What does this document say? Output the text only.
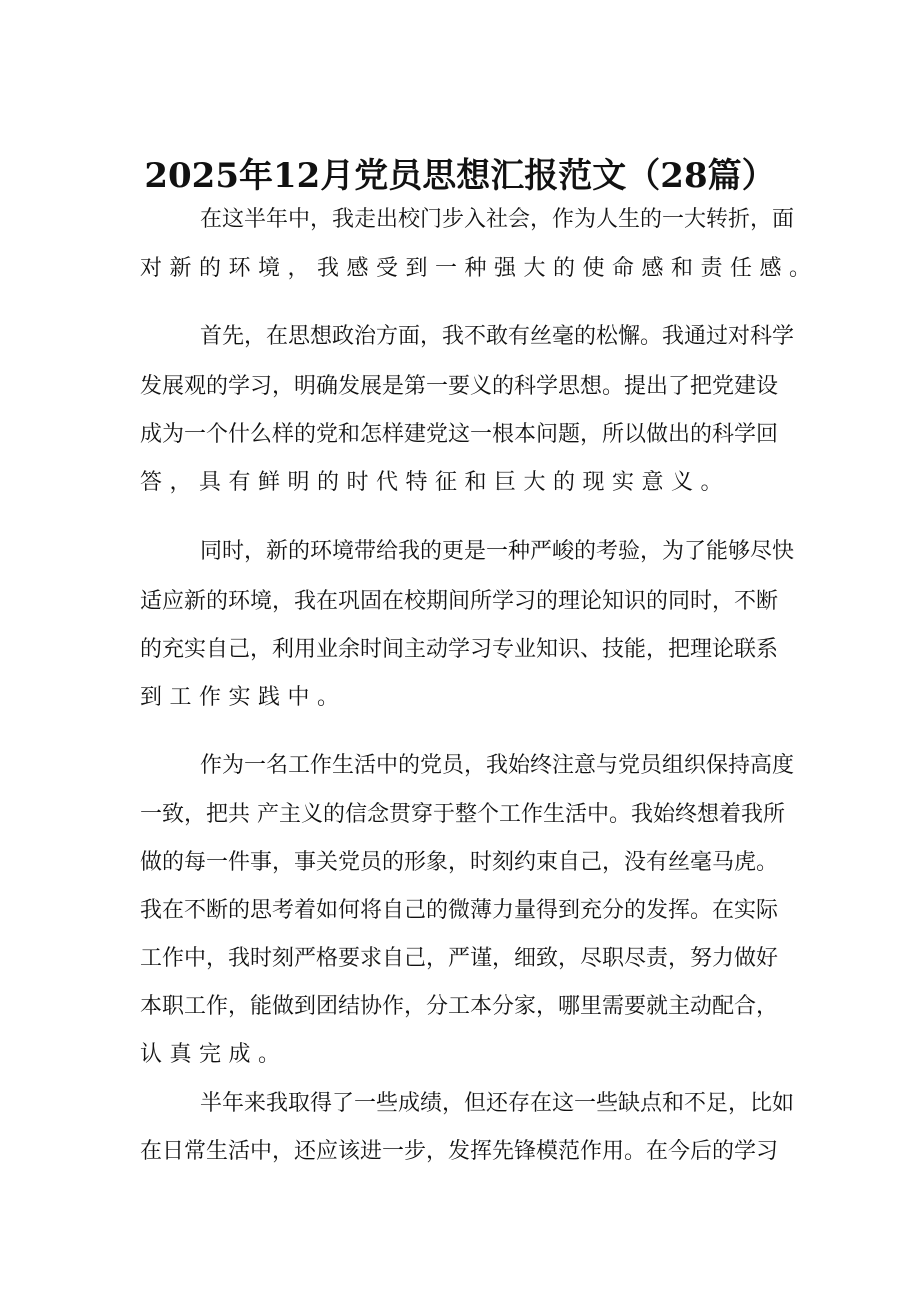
2025年12月党员思想汇报范文（28篇）
在这半年中，我走出校门步入社会，作为人生的一大转折，面
对新的环境，我感受到一种强大的使命感和责任感。
首先，在思想政治方面，我不敢有丝毫的松懈。我通过对科学
发展观的学习，明确发展是第一要义的科学思想。提出了把党建设
成为一个什么样的党和怎样建党这一根本问题，所以做出的科学回
答，具有鲜明的时代特征和巨大的现实意义。
同时，新的环境带给我的更是一种严峻的考验，为了能够尽快
适应新的环境，我在巩固在校期间所学习的理论知识的同时，不断
的充实自己，利用业余时间主动学习专业知识、技能，把理论联系
到工作实践中。
作为一名工作生活中的党员，我始终注意与党员组织保持高度
一致，把共 产主义的信念贯穿于整个工作生活中。我始终想着我所
做的每一件事，事关党员的形象，时刻约束自己，没有丝毫马虎。
我在不断的思考着如何将自己的微薄力量得到充分的发挥。在实际
工作中，我时刻严格要求自己，严谨，细致，尽职尽责，努力做好
本职工作，能做到团结协作，分工本分家，哪里需要就主动配合，
认真完成。
半年来我取得了一些成绩，但还存在这一些缺点和不足，比如
在日常生活中，还应该进一步，发挥先锋模范作用。在今后的学习
